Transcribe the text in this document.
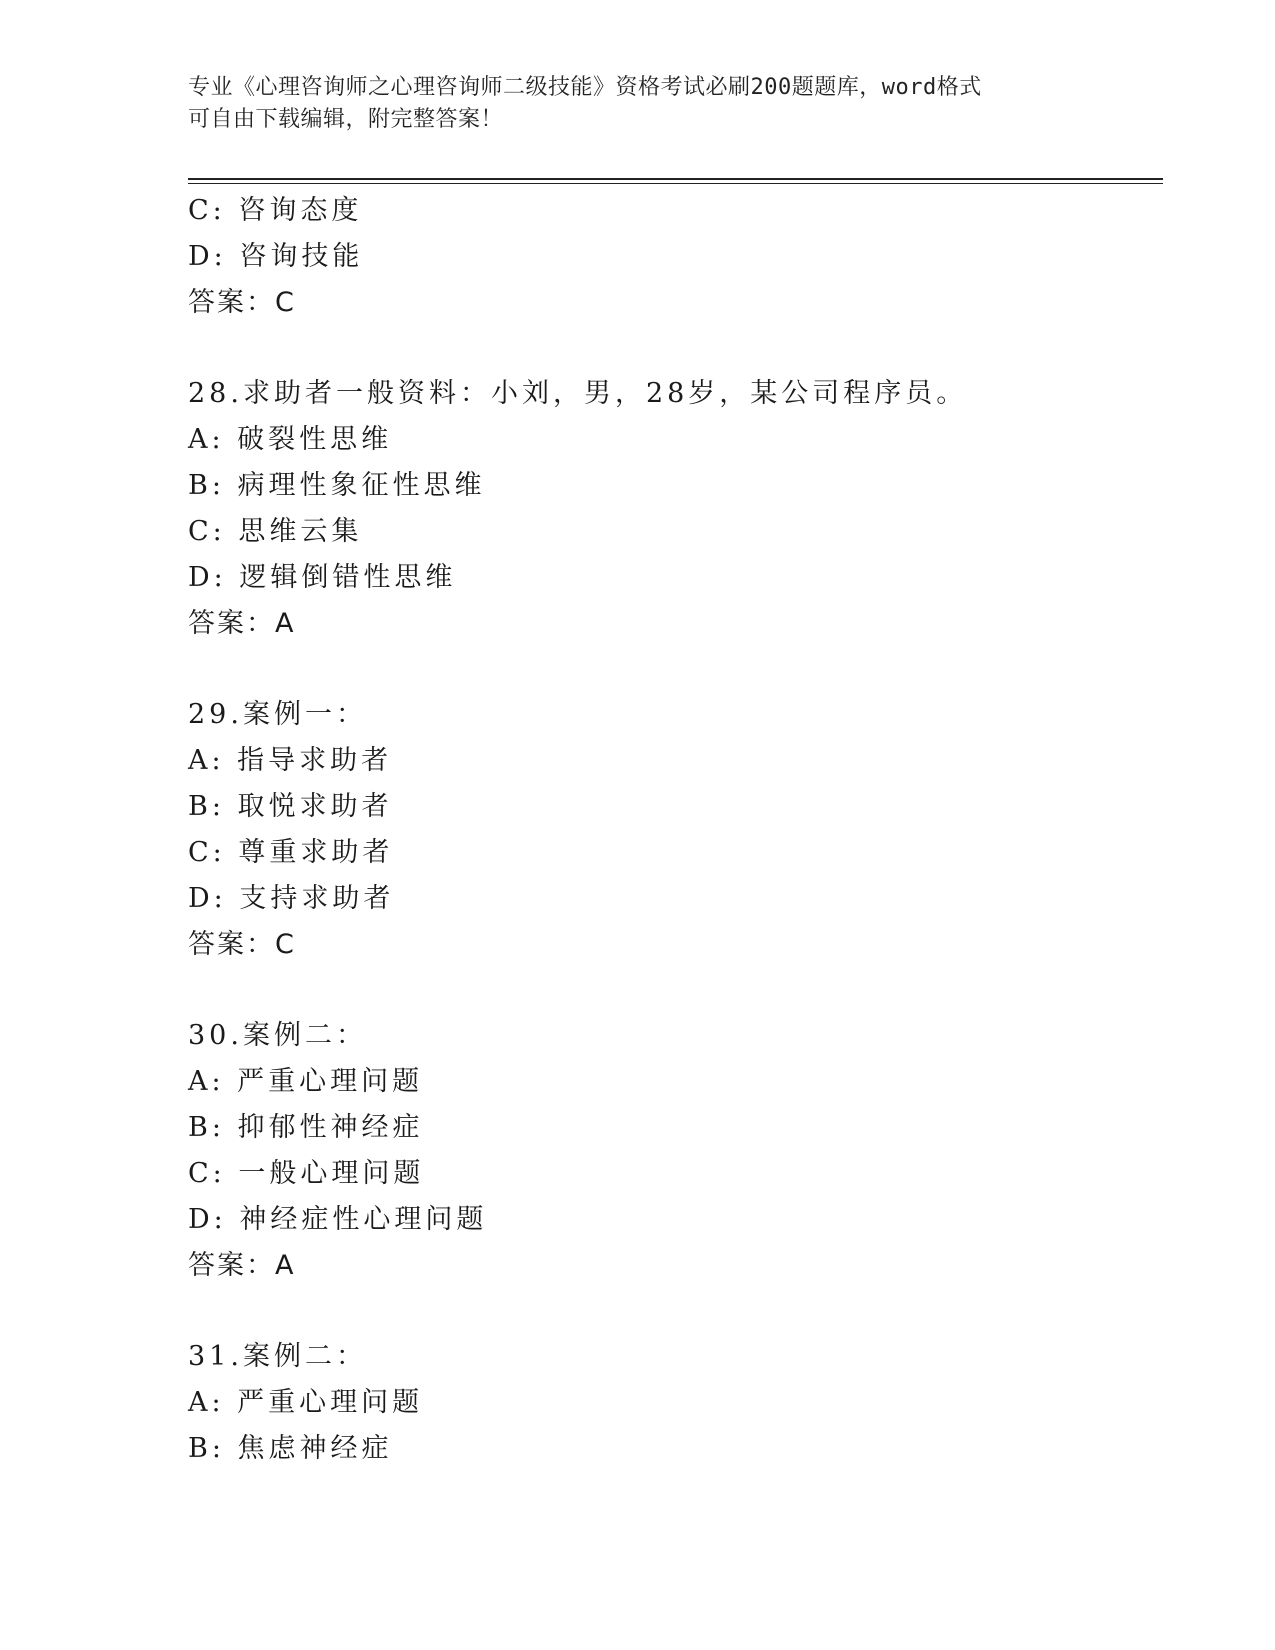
专业《心理咨询师之心理咨询师二级技能》资格考试必刷200题题库，word格式
可自由下载编辑，附完整答案！
C: 咨询态度
D: 咨询技能
答案：C
28.求助者一般资料：小刘，男，28岁，某公司程序员。
A: 破裂性思维
B: 病理性象征性思维
C: 思维云集
D: 逻辑倒错性思维
答案：A
29.案例一：
A: 指导求助者
B: 取悦求助者
C: 尊重求助者
D: 支持求助者
答案：C
30.案例二：
A: 严重心理问题
B: 抑郁性神经症
C: 一般心理问题
D: 神经症性心理问题
答案：A
31.案例二：
A: 严重心理问题
B: 焦虑神经症
